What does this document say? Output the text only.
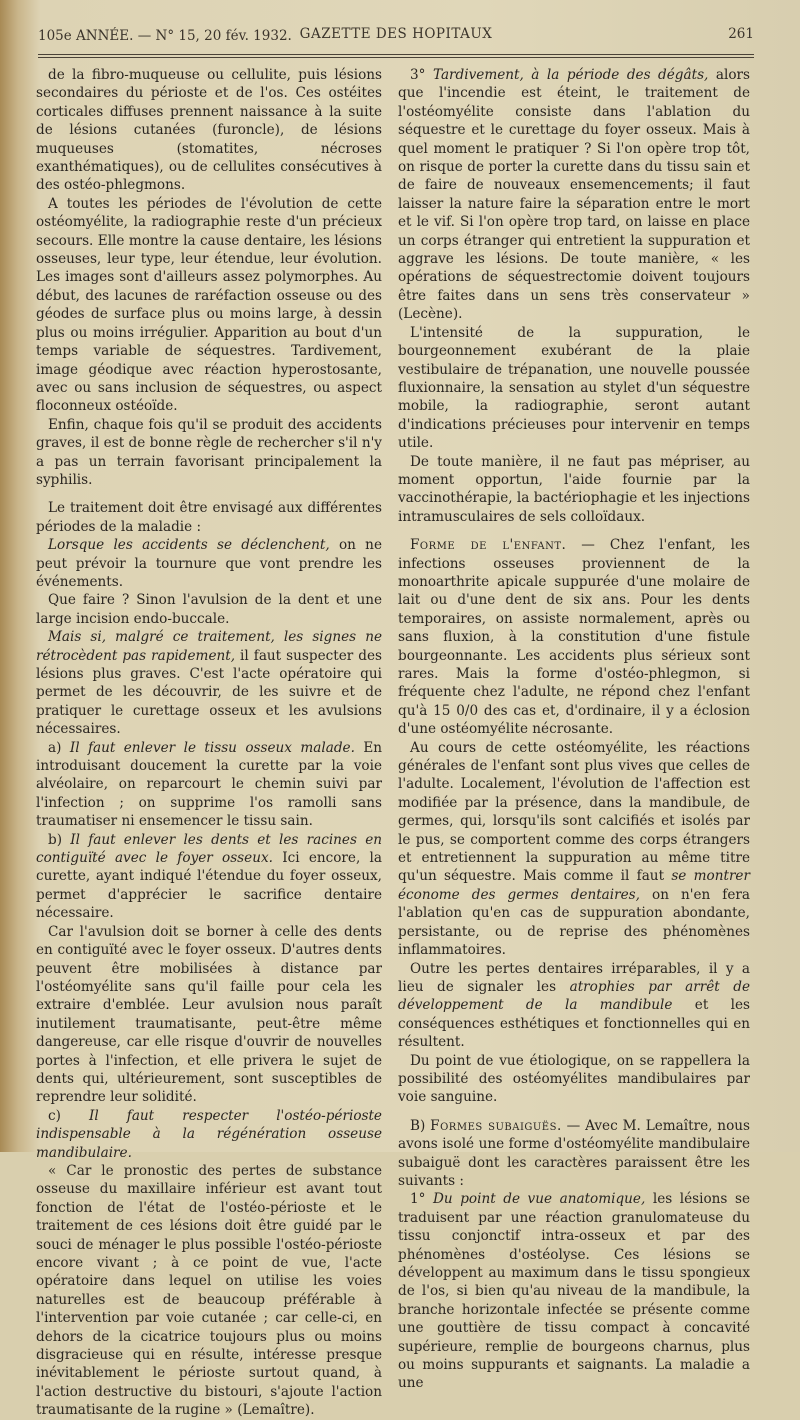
105e ANNÉE. — N° 15, 20 fév. 1932. GAZETTE DES HOPITAUX	261

de la fibro-muqueuse ou cellulite, puis lésions secondaires du périoste et de l'os. Ces ostéites corticales diffuses prennent naissance à la suite de lésions cutanées (furoncle), de lésions muqueuses (stomatites, nécroses exanthématiques), ou de cellulites consécutives à des ostéo-phlegmons.

A toutes les périodes de l'évolution de cette ostéomyélite, la radiographie reste d'un précieux secours. Elle montre la cause dentaire, les lésions osseuses, leur type, leur étendue, leur évolution. Les images sont d'ailleurs assez polymorphes. Au début, des lacunes de raréfaction osseuse ou des géodes de surface plus ou moins large, à dessin plus ou moins irrégulier. Apparition au bout d'un temps variable de séquestres. Tardivement, image géodique avec réaction hyperostosante, avec ou sans inclusion de séquestres, ou aspect floconneux ostéoïde.

Enfin, chaque fois qu'il se produit des accidents graves, il est de bonne règle de rechercher s'il n'y a pas un terrain favorisant principalement la syphilis.

Le traitement doit être envisagé aux différentes périodes de la maladie :

Lorsque les accidents se déclenchent, on ne peut prévoir la tournure que vont prendre les événements.

Que faire ? Sinon l'avulsion de la dent et une large incision endo-buccale.

Mais si, malgré ce traitement, les signes ne rétrocèdent pas rapidement, il faut suspecter des lésions plus graves. C'est l'acte opératoire qui permet de les découvrir, de les suivre et de pratiquer le curettage osseux et les avulsions nécessaires.

a) Il faut enlever le tissu osseux malade. En introduisant doucement la curette par la voie alvéolaire, on reparcourt le chemin suivi par l'infection ; on supprime l'os ramolli sans traumatiser ni ensemencer le tissu sain.

b) Il faut enlever les dents et les racines en contiguïté avec le foyer osseux. Ici encore, la curette, ayant indiqué l'étendue du foyer osseux, permet d'apprécier le sacrifice dentaire nécessaire.

Car l'avulsion doit se borner à celle des dents en contiguïté avec le foyer osseux. D'autres dents peuvent être mobilisées à distance par l'ostéomyélite sans qu'il faille pour cela les extraire d'emblée. Leur avulsion nous paraît inutilement traumatisante, peut-être même dangereuse, car elle risque d'ouvrir de nouvelles portes à l'infection, et elle privera le sujet de dents qui, ultérieurement, sont susceptibles de reprendre leur solidité.

c) Il faut respecter l'ostéo-périoste indispensable à la régénération osseuse mandibulaire.

« Car le pronostic des pertes de substance osseuse du maxillaire inférieur est avant tout fonction de l'état de l'ostéo-périoste et le traitement de ces lésions doit être guidé par le souci de ménager le plus possible l'ostéo-périoste encore vivant ; à ce point de vue, l'acte opératoire dans lequel on utilise les voies naturelles est de beaucoup préférable à l'intervention par voie cutanée ; car celle-ci, en dehors de la cicatrice toujours plus ou moins disgracieuse qui en résulte, intéresse presque inévitablement le périoste surtout quand, à l'action destructive du bistouri, s'ajoute l'action traumatisante de la rugine » (Lemaître).

3° Tardivement, à la période des dégâts, alors que l'incendie est éteint, le traitement de l'ostéomyélite consiste dans l'ablation du séquestre et le curettage du foyer osseux. Mais à quel moment le pratiquer ? Si l'on opère trop tôt, on risque de porter la curette dans du tissu sain et de faire de nouveaux ensemencements; il faut laisser la nature faire la séparation entre le mort et le vif. Si l'on opère trop tard, on laisse en place un corps étranger qui entretient la suppuration et aggrave les lésions. De toute manière, « les opérations de séquestrectomie doivent toujours être faites dans un sens très conservateur » (Lecène).

L'intensité de la suppuration, le bourgeonnement exubérant de la plaie vestibulaire de trépanation, une nouvelle poussée fluxionnaire, la sensation au stylet d'un séquestre mobile, la radiographie, seront autant d'indications précieuses pour intervenir en temps utile.

De toute manière, il ne faut pas mépriser, au moment opportun, l'aide fournie par la vaccinothérapie, la bactériophagie et les injections intramusculaires de sels colloïdaux.

Forme de l'enfant. — Chez l'enfant, les infections osseuses proviennent de la monoarthrite apicale suppurée d'une molaire de lait ou d'une dent de six ans. Pour les dents temporaires, on assiste normalement, après ou sans fluxion, à la constitution d'une fistule bourgeonnante. Les accidents plus sérieux sont rares. Mais la forme d'ostéo-phlegmon, si fréquente chez l'adulte, ne répond chez l'enfant qu'à 15 0/0 des cas et, d'ordinaire, il y a éclosion d'une ostéomyélite nécrosante.

Au cours de cette ostéomyélite, les réactions générales de l'enfant sont plus vives que celles de l'adulte. Localement, l'évolution de l'affection est modifiée par la présence, dans la mandibule, de germes, qui, lorsqu'ils sont calcifiés et isolés par le pus, se comportent comme des corps étrangers et entretiennent la suppuration au même titre qu'un séquestre. Mais comme il faut se montrer économe des germes dentaires, on n'en fera l'ablation qu'en cas de suppuration abondante, persistante, ou de reprise des phénomènes inflammatoires.

Outre les pertes dentaires irréparables, il y a lieu de signaler les atrophies par arrêt de développement de la mandibule et les conséquences esthétiques et fonctionnelles qui en résultent.

Du point de vue étiologique, on se rappellera la possibilité des ostéomyélites mandibulaires par voie sanguine.

B) Formes subaiguës. — Avec M. Lemaître, nous avons isolé une forme d'ostéomyélite mandibulaire subaiguë dont les caractères paraissent être les suivants :

1° Du point de vue anatomique, les lésions se traduisent par une réaction granulomateuse du tissu conjonctif intra-osseux et par des phénomènes d'ostéolyse. Ces lésions se développent au maximum dans le tissu spongieux de l'os, si bien qu'au niveau de la mandibule, la branche horizontale infectée se présente comme une gouttière de tissu compact à concavité supérieure, remplie de bourgeons charnus, plus ou moins suppurants et saignants. La maladie a une
